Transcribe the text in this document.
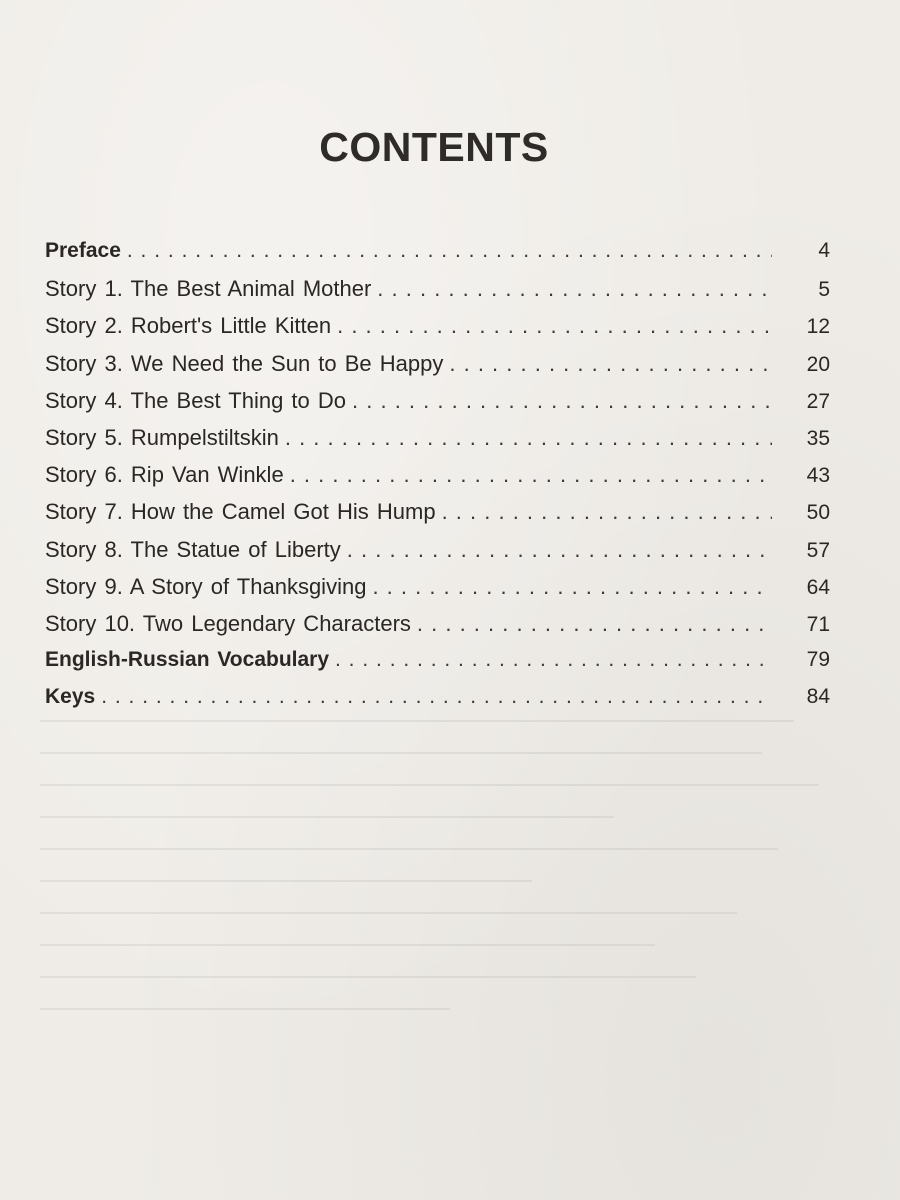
CONTENTS
Preface . . .	4
Story 1. The Best Animal Mother . . .	5
Story 2. Robert's Little Kitten . . .	12
Story 3. We Need the Sun to Be Happy . . .	20
Story 4. The Best Thing to Do . . .	27
Story 5. Rumpelstiltskin . . .	35
Story 6. Rip Van Winkle . . .	43
Story 7. How the Camel Got His Hump . . .	50
Story 8. The Statue of Liberty . . .	57
Story 9. A Story of Thanksgiving . . .	64
Story 10. Two Legendary Characters . . .	71
English-Russian Vocabulary . . .	79
Keys . . .	84
